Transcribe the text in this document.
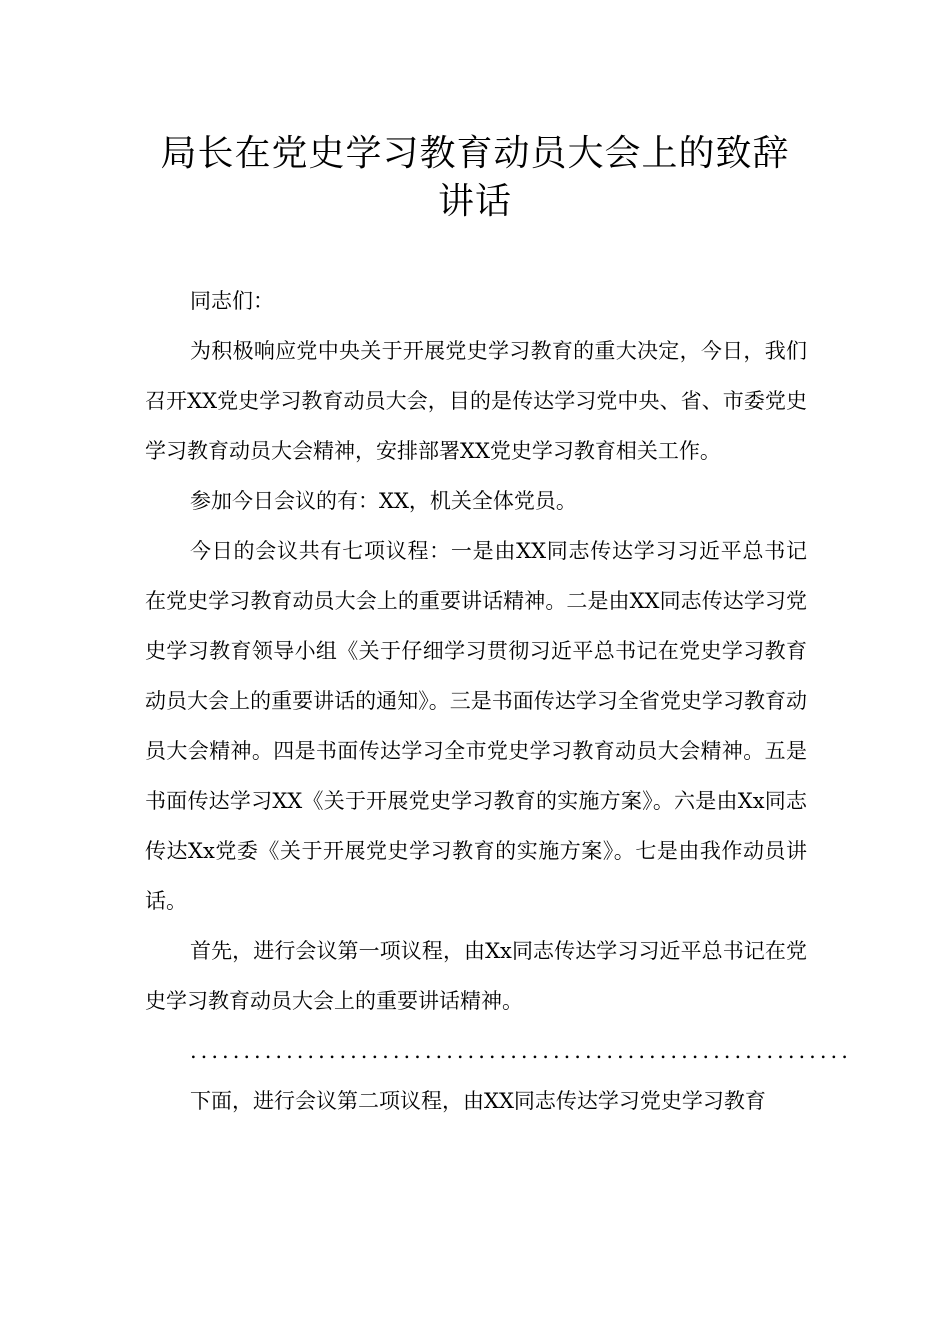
局长在党史学习教育动员大会上的致辞
讲话

同志们：

为积极响应党中央关于开展党史学习教育的重大决定，今日，我们召开XX党史学习教育动员大会，目的是传达学习党中央、省、市委党史学习教育动员大会精神，安排部署XX党史学习教育相关工作。

参加今日会议的有：XX，机关全体党员。

今日的会议共有七项议程：一是由XX同志传达学习习近平总书记在党史学习教育动员大会上的重要讲话精神。二是由XX同志传达学习党史学习教育领导小组《关于仔细学习贯彻习近平总书记在党史学习教育动员大会上的重要讲话的通知》。三是书面传达学习全省党史学习教育动员大会精神。四是书面传达学习全市党史学习教育动员大会精神。五是书面传达学习XX《关于开展党史学习教育的实施方案》。六是由Xx同志传达Xx党委《关于开展党史学习教育的实施方案》。七是由我作动员讲话。

首先，进行会议第一项议程，由Xx同志传达学习习近平总书记在党史学习教育动员大会上的重要讲话精神。

..............................................................

下面，进行会议第二项议程，由XX同志传达学习党史学习教育
